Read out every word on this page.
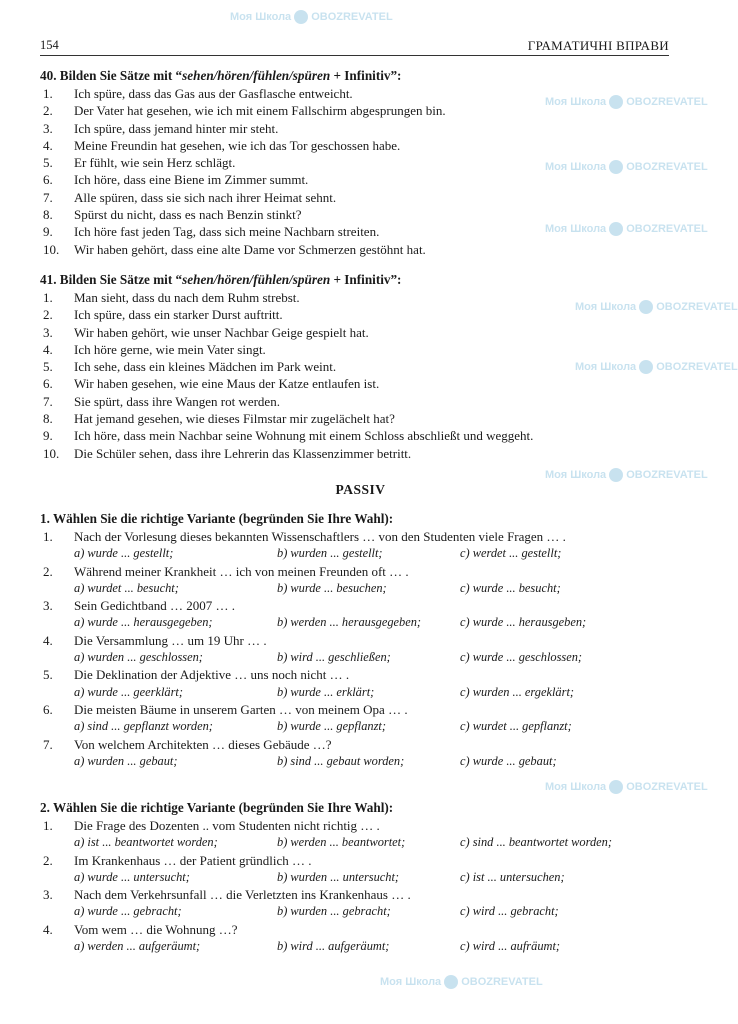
154	ГРАМАТИЧНІ ВПРАВИ
Моя Школа OBOZREVATEL
Моя Школа OBOZREVATEL
Моя Школа OBOZREVATEL
Моя Школа OBOZREVATEL
Моя Школа OBOZREVATEL
Моя Школа OBOZREVATEL
Моя Школа OBOZREVATEL
Моя Школа OBOZREVATEL
Моя Школа OBOZREVATEL
40. Bilden Sie Sätze mit “sehen/hören/fühlen/spüren + Infinitiv”:
1. Ich spüre, dass das Gas aus der Gasflasche entweicht.
2. Der Vater hat gesehen, wie ich mit einem Fallschirm abgesprungen bin.
3. Ich spüre, dass jemand hinter mir steht.
4. Meine Freundin hat gesehen, wie ich das Tor geschossen habe.
5. Er fühlt, wie sein Herz schlägt.
6. Ich höre, dass eine Biene im Zimmer summt.
7. Alle spüren, dass sie sich nach ihrer Heimat sehnt.
8. Spürst du nicht, dass es nach Benzin stinkt?
9. Ich höre fast jeden Tag, dass sich meine Nachbarn streiten.
10. Wir haben gehört, dass eine alte Dame vor Schmerzen gestöhnt hat.
41. Bilden Sie Sätze mit “sehen/hören/fühlen/spüren + Infinitiv”:
1. Man sieht, dass du nach dem Ruhm strebst.
2. Ich spüre, dass ein starker Durst auftritt.
3. Wir haben gehört, wie unser Nachbar Geige gespielt hat.
4. Ich höre gerne, wie mein Vater singt.
5. Ich sehe, dass ein kleines Mädchen im Park weint.
6. Wir haben gesehen, wie eine Maus der Katze entlaufen ist.
7. Sie spürt, dass ihre Wangen rot werden.
8. Hat jemand gesehen, wie dieses Filmstar mir zugelächelt hat?
9. Ich höre, dass mein Nachbar seine Wohnung mit einem Schloss abschließt und weggeht.
10. Die Schüler sehen, dass ihre Lehrerin das Klassenzimmer betritt.
PASSIV
1. Wählen Sie die richtige Variante (begründen Sie Ihre Wahl):
1. Nach der Vorlesung dieses bekannten Wissenschaftlers … von den Studenten viele Fragen … .
a) wurde ... gestellt;	b) wurden ... gestellt;	c) werdet ... gestellt;
2. Während meiner Krankheit … ich von meinen Freunden oft … .
a) wurdet ... besucht;	b) wurde ... besuchen;	c) wurde ... besucht;
3. Sein Gedichtband … 2007 … .
a) wurde ... herausgegeben;	b) werden ... herausgegeben;	c) wurde ... herausgeben;
4. Die Versammlung … um 19 Uhr … .
a) wurden ... geschlossen;	b) wird ... geschließen;	c) wurde ... geschlossen;
5. Die Deklination der Adjektive … uns noch nicht … .
a) wurde ... geerklärt;	b) wurde ... erklärt;	c) wurden ... ergeklärt;
6. Die meisten Bäume in unserem Garten … von meinem Opa … .
a) sind ... gepflanzt worden;	b) wurde ... gepflanzt;	c) wurdet ... gepflanzt;
7. Von welchem Architekten … dieses Gebäude …?
a) wurden ... gebaut;	b) sind ... gebaut worden;	c) wurde ... gebaut;
2. Wählen Sie die richtige Variante (begründen Sie Ihre Wahl):
1. Die Frage des Dozenten .. vom Studenten nicht richtig … .
a) ist ... beantwortet worden;	b) werden ... beantwortet;	c) sind ... beantwortet worden;
2. Im Krankenhaus … der Patient gründlich … .
a) wurde ... untersucht;	b) wurden ... untersucht;	c) ist ... untersuchen;
3. Nach dem Verkehrsunfall … die Verletzten ins Krankenhaus … .
a) wurde ... gebracht;	b) wurden ... gebracht;	c) wird ... gebracht;
4. Vom wem … die Wohnung …?
a) werden ... aufgeräumt;	b) wird ... aufgeräumt;	c) wird ... aufräumt;
